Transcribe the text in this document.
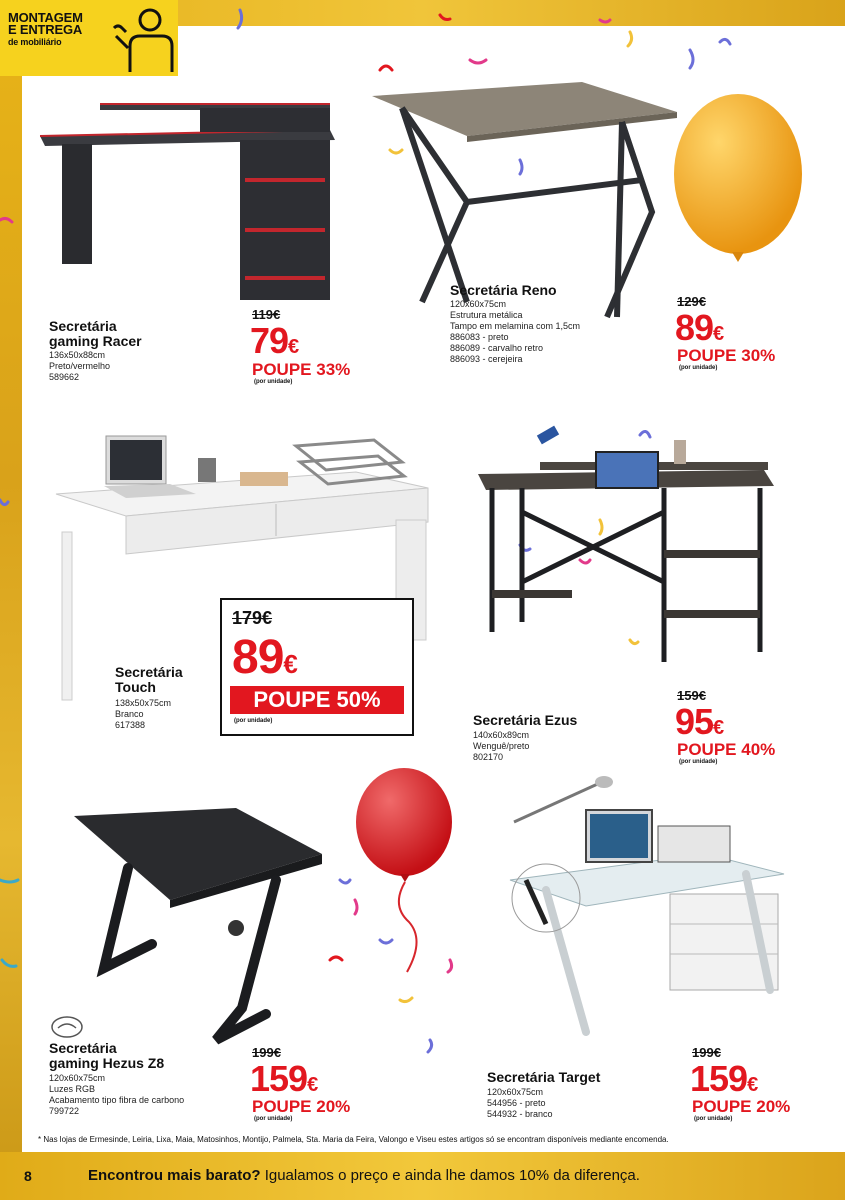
MONTAGEM
E ENTREGA
de mobiliário
Secretária
gaming Racer
136x50x88cm
Preto/vermelho
589662
119€
79€
POUPE 33%
(por unidade)
Secretária Reno
120x60x75cm
Estrutura metálica
Tampo em melamina com 1,5cm
886083 - preto
886089 - carvalho retro
886093 - cerejeira
129€
89€
POUPE 30%
(por unidade)
Secretária
Touch
138x50x75cm
Branco
617388
179€
89€
POUPE 50%
(por unidade)	Secretária Ezus
140x60x89cm
Wenguê/preto
802170
159€
95€
POUPE 40%
(por unidade)
Secretária
gaming Hezus Z8
120x60x75cm
Luzes RGB
Acabamento tipo fibra de carbono
799722
199€
159€
POUPE 20%
(por unidade)
Secretária Target
120x60x75cm
544956 - preto
544932 - branco
199€
159€
POUPE 20%
(por unidade)
* Nas lojas de Ermesinde, Leiria, Lixa, Maia, Matosinhos, Montijo, Palmela, Sta. Maria da Feira, Valongo e Viseu estes artigos só se encontram disponíveis mediante encomenda.
8	Encontrou mais barato? Igualamos o preço e ainda lhe damos 10% da diferença.
